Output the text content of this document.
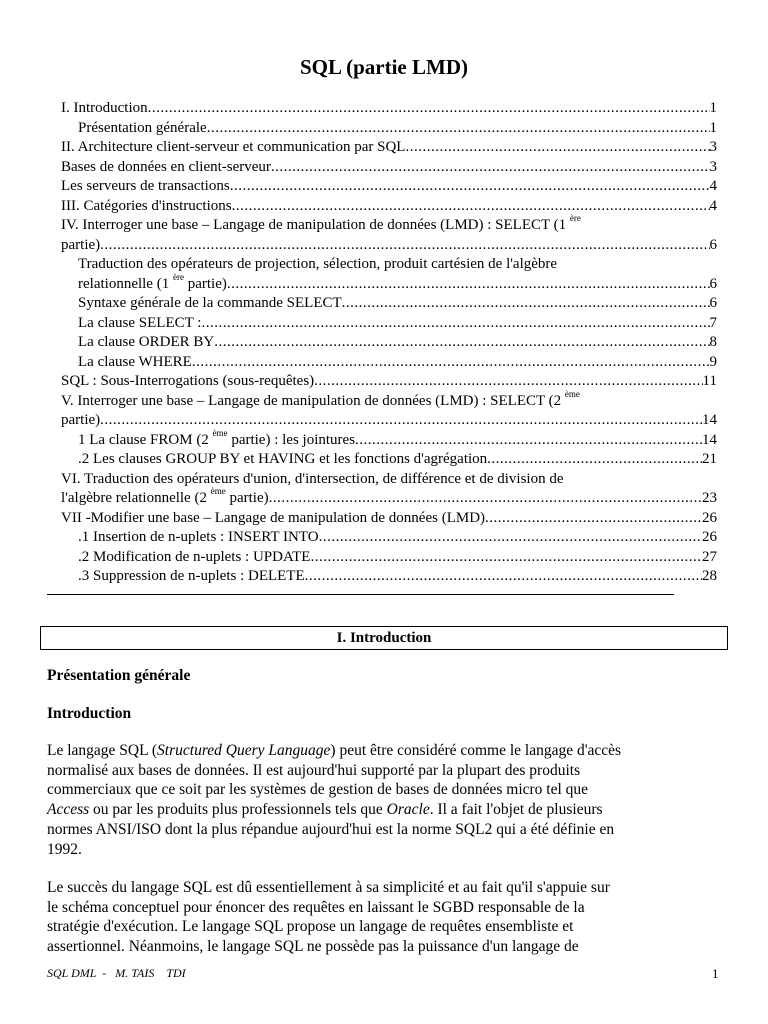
SQL (partie LMD)
I. Introduction .....	1
Présentation générale .....	1
II. Architecture client-serveur et communication par SQL .....	3
Bases de données en client-serveur .....	3
Les serveurs de transactions .....	4
III. Catégories d'instructions .....	4
IV. Interroger une base – Langage de manipulation de données (LMD) : SELECT (1 $^{ère}$
partie) .....	6
Traduction des opérateurs de projection, sélection, produit cartésien de l'algèbre
relationnelle (1 $^{ère}$ partie) .....	6
Syntaxe générale de la commande SELECT .....	6
La clause SELECT : .....	7
La clause ORDER BY .....	8
La clause WHERE .....	9
SQL : Sous-Interrogations (sous-requêtes) .....	11
V. Interroger une base – Langage de manipulation de données (LMD) : SELECT (2 $^{ème}$
partie) .....	14
1 La clause FROM (2 $^{ème}$ partie) : les jointures .....	14
.2 Les clauses GROUP BY et HAVING et les fonctions d'agrégation .....	21
VI. Traduction des opérateurs d'union, d'intersection, de différence et de division de
l'algèbre relationnelle (2 $^{ème}$ partie) .....	23
VII -Modifier une base – Langage de manipulation de données (LMD) .....	26
.1 Insertion de n-uplets : INSERT INTO .....	26
.2 Modification de n-uplets : UPDATE .....	27
.3 Suppression de n-uplets : DELETE .....	28
I. Introduction
Présentation générale
Introduction
Le langage SQL (Structured Query Language) peut être considéré comme le langage d'accès
normalisé aux bases de données. Il est aujourd'hui supporté par la plupart des produits
commerciaux que ce soit par les systèmes de gestion de bases de données micro tel que
Access ou par les produits plus professionnels tels que Oracle. Il a fait l'objet de plusieurs
normes ANSI/ISO dont la plus répandue aujourd'hui est la norme SQL2 qui a été définie en
1992.
Le succès du langage SQL est dû essentiellement à sa simplicité et au fait qu'il s'appuie sur
le schéma conceptuel pour énoncer des requêtes en laissant le SGBD responsable de la
stratégie d'exécution. Le langage SQL propose un langage de requêtes ensembliste et
assertionnel. Néanmoins, le langage SQL ne possède pas la puissance d'un langage de
SQL DML  -   M. TAIS    TDI	1
